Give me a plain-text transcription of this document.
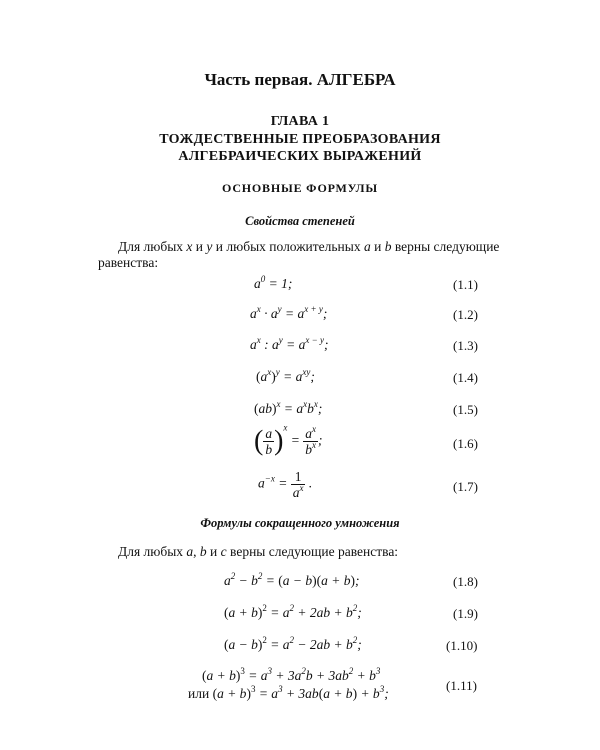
Часть первая. АЛГЕБРА
ГЛАВА 1
ТОЖДЕСТВЕННЫЕ ПРЕОБРАЗОВАНИЯ
АЛГЕБРАИЧЕСКИХ ВЫРАЖЕНИЙ
ОСНОВНЫЕ ФОРМУЛЫ
Свойства степеней
Для любых x и y и любых положительных a и b верны следующие
равенства:
$a^0 = 1$;	(1.1)
$a^x \cdot a^y = a^{x + y}$;	(1.2)
$a^x$ : $a^y = a^{x - y}$;	(1.3)
$(a^x)^y = a^{xy}$;	(1.4)
$(ab)^x = a^xb^x$;	(1.5)
( $\frac{a}{b} )^x = \frac{a^x}{b^x}$ ;	(1.6)
$a^{-x} = \frac{1}{a^x}$ .	(1.7)
Формулы сокращенного умножения
Для любых a, b и c верны следующие равенства:
$a^2 - b^2 = (a - b)(a + b)$;	(1.8)
$(a + b)^2 = a^2 + 2ab + b^2$;	(1.9)
$(a - b)^2 = a^2 - 2ab + b^2$;	(1.10)
$(a + b)^3 = a^3 + 3a^2b + 3ab^2 + b^3$
или $(a + b)^3 = a^3 + 3ab(a + b) + b^3$;
(1.11)
